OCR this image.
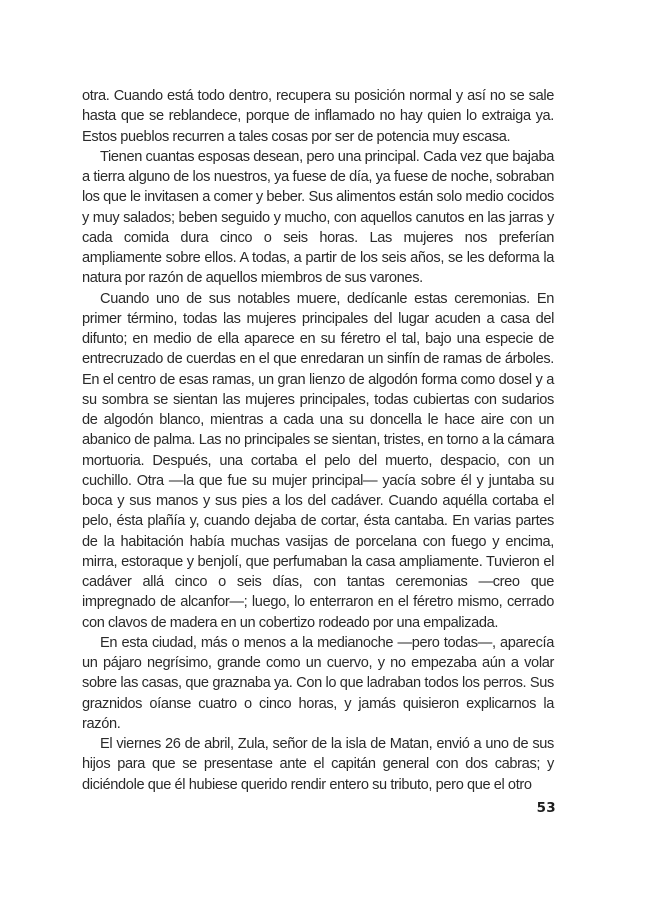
otra. Cuando está todo dentro, recupera su posición normal y así no se sale hasta que se reblandece, porque de inflamado no hay quien lo extraiga ya. Estos pueblos recurren a tales cosas por ser de potencia muy escasa.

Tienen cuantas esposas desean, pero una principal. Cada vez que bajaba a tierra alguno de los nuestros, ya fuese de día, ya fuese de noche, sobraban los que le invitasen a comer y beber. Sus alimentos están solo medio cocidos y muy salados; beben seguido y mucho, con aquellos canutos en las jarras y cada comida dura cinco o seis horas. Las mujeres nos preferían ampliamente sobre ellos. A todas, a partir de los seis años, se les deforma la natura por razón de aquellos miembros de sus varones.

Cuando uno de sus notables muere, dedícanle estas ceremonias. En primer término, todas las mujeres principales del lugar acuden a casa del difunto; en medio de ella aparece en su féretro el tal, bajo una especie de entrecruzado de cuerdas en el que enredaran un sinfín de ramas de árboles. En el centro de esas ramas, un gran lienzo de algodón forma como dosel y a su sombra se sientan las mujeres principales, todas cubiertas con sudarios de algodón blanco, mientras a cada una su doncella le hace aire con un abanico de palma. Las no principales se sientan, tristes, en torno a la cámara mortuoria. Después, una cortaba el pelo del muerto, despacio, con un cuchillo. Otra —la que fue su mujer principal— yacía sobre él y juntaba su boca y sus manos y sus pies a los del cadáver. Cuando aquélla cortaba el pelo, ésta plañía y, cuando dejaba de cortar, ésta cantaba. En varias partes de la habitación había muchas vasijas de porcelana con fuego y encima, mirra, estoraque y benjolí, que perfumaban la casa ampliamente. Tuvieron el cadáver allá cinco o seis días, con tantas ceremonias —creo que impregnado de alcanfor—; luego, lo enterraron en el féretro mismo, cerrado con clavos de madera en un cobertizo rodeado por una empalizada.

En esta ciudad, más o menos a la medianoche —pero todas—, aparecía un pájaro negrísimo, grande como un cuervo, y no empezaba aún a volar sobre las casas, que graznaba ya. Con lo que ladraban todos los perros. Sus graznidos oíanse cuatro o cinco horas, y jamás quisieron explicarnos la razón.

El viernes 26 de abril, Zula, señor de la isla de Matan, envió a uno de sus hijos para que se presentase ante el capitán general con dos cabras; y diciéndole que él hubiese querido rendir entero su tributo, pero que el otro

53
